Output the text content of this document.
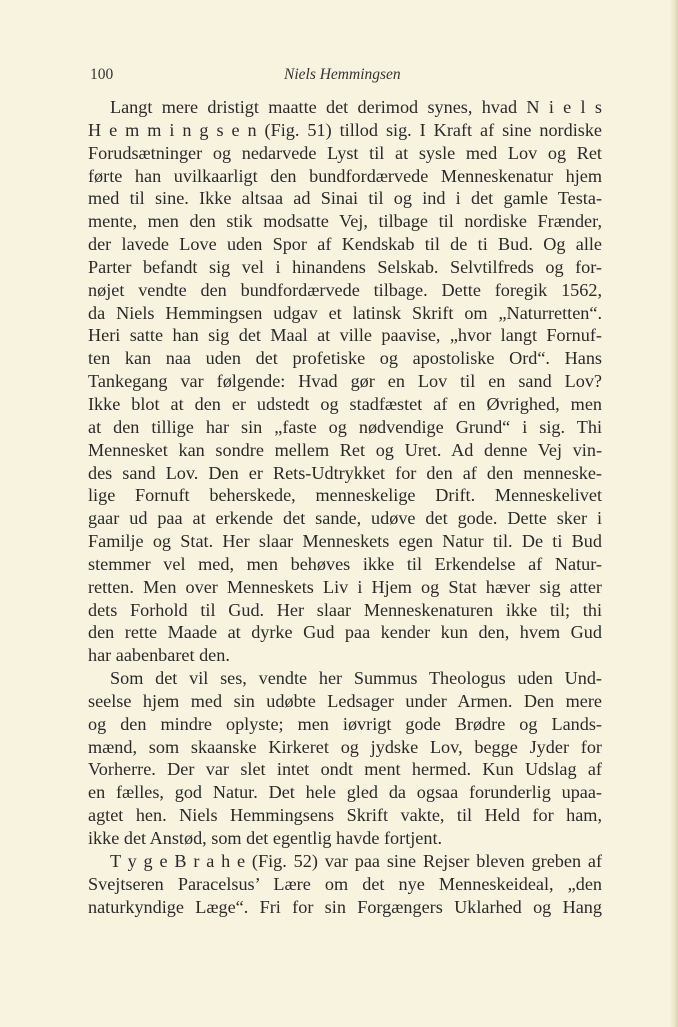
100	Niels Hemmingsen
Langt mere dristigt maatte det derimod synes, hvad N i e l s
H e m m i n g s e n (Fig. 51) tillod sig. I Kraft af sine nordiske
Forudsætninger og nedarvede Lyst til at sysle med Lov og Ret
førte han uvilkaarligt den bundfordærvede Menneskenatur hjem
med til sine. Ikke altsaa ad Sinai til og ind i det gamle Testa-
mente, men den stik modsatte Vej, tilbage til nordiske Frænder,
der lavede Love uden Spor af Kendskab til de ti Bud. Og alle
Parter befandt sig vel i hinandens Selskab. Selvtilfreds og for-
nøjet vendte den bundfordærvede tilbage. Dette foregik 1562,
da Niels Hemmingsen udgav et latinsk Skrift om „Naturretten“.
Heri satte han sig det Maal at ville paavise, „hvor langt Fornuf-
ten kan naa uden det profetiske og apostoliske Ord“. Hans
Tankegang var følgende: Hvad gør en Lov til en sand Lov?
Ikke blot at den er udstedt og stadfæstet af en Øvrighed, men
at den tillige har sin „faste og nødvendige Grund“ i sig. Thi
Mennesket kan sondre mellem Ret og Uret. Ad denne Vej vin-
des sand Lov. Den er Rets-Udtrykket for den af den menneske-
lige Fornuft beherskede, menneskelige Drift. Menneskelivet
gaar ud paa at erkende det sande, udøve det gode. Dette sker i
Familje og Stat. Her slaar Menneskets egen Natur til. De ti Bud
stemmer vel med, men behøves ikke til Erkendelse af Natur-
retten. Men over Menneskets Liv i Hjem og Stat hæver sig atter
dets Forhold til Gud. Her slaar Menneskenaturen ikke til; thi
den rette Maade at dyrke Gud paa kender kun den, hvem Gud
har aabenbaret den.
Som det vil ses, vendte her Summus Theologus uden Und-
seelse hjem med sin udøbte Ledsager under Armen. Den mere
og den mindre oplyste; men iøvrigt gode Brødre og Lands-
mænd, som skaanske Kirkeret og jydske Lov, begge Jyder for
Vorherre. Der var slet intet ondt ment hermed. Kun Udslag af
en fælles, god Natur. Det hele gled da ogsaa forunderlig upaa-
agtet hen. Niels Hemmingsens Skrift vakte, til Held for ham,
ikke det Anstød, som det egentlig havde fortjent.
T y g e B r a h e (Fig. 52) var paa sine Rejser bleven greben af
Svejtseren Paracelsus’ Lære om det nye Menneskeideal, „den
naturkyndige Læge“. Fri for sin Forgængers Uklarhed og Hang
